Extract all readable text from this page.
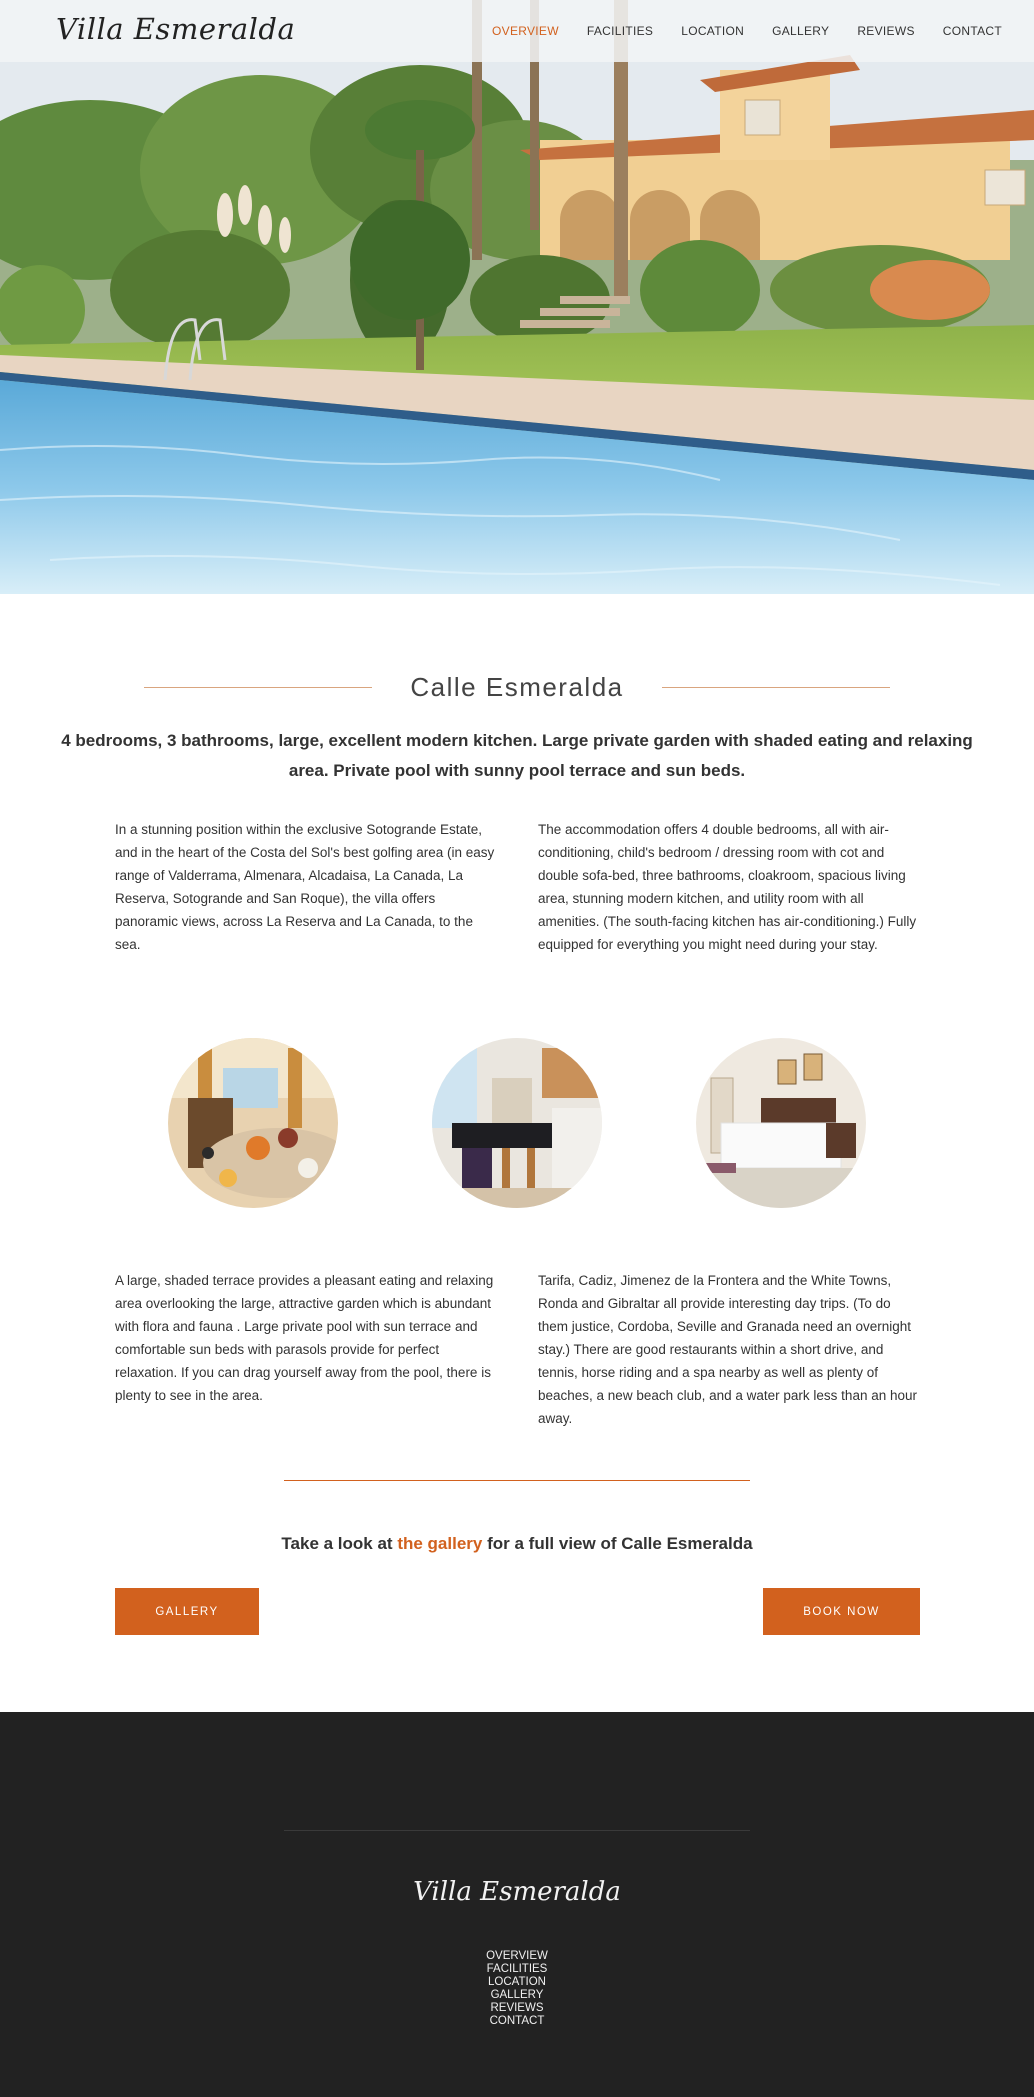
Villa Esmeralda	OVERVIEW FACILITIES LOCATION GALLERY REVIEWS CONTACT
Calle Esmeralda
4 bedrooms, 3 bathrooms, large, excellent modern kitchen. Large private garden with shaded eating and relaxing area. Private pool with sunny pool terrace and sun beds.
In a stunning position within the exclusive Sotogrande Estate, and in the heart of the Costa del Sol's best golfing area (in easy range of Valderrama, Almenara, Alcadaisa, La Canada, La Reserva, Sotogrande and San Roque), the villa offers panoramic views, across La Reserva and La Canada, to the sea.
The accommodation offers 4 double bedrooms, all with air-conditioning, child's bedroom / dressing room with cot and double sofa-bed, three bathrooms, cloakroom, spacious living area, stunning modern kitchen, and utility room with all amenities. (The south-facing kitchen has air-conditioning.) Fully equipped for everything you might need during your stay.
A large, shaded terrace provides a pleasant eating and relaxing area overlooking the large, attractive garden which is abundant with flora and fauna . Large private pool with sun terrace and comfortable sun beds with parasols provide for perfect relaxation. If you can drag yourself away from the pool, there is plenty to see in the area.
Tarifa, Cadiz, Jimenez de la Frontera and the White Towns, Ronda and Gibraltar all provide interesting day trips. (To do them justice, Cordoba, Seville and Granada need an overnight stay.) There are good restaurants within a short drive, and tennis, horse riding and a spa nearby as well as plenty of beaches, a new beach club, and a water park less than an hour away.
Take a look at the gallery for a full view of Calle Esmeralda
GALLERY	BOOK NOW
Villa Esmeralda
OVERVIEW
FACILITIES
LOCATION
GALLERY
REVIEWS
CONTACT
